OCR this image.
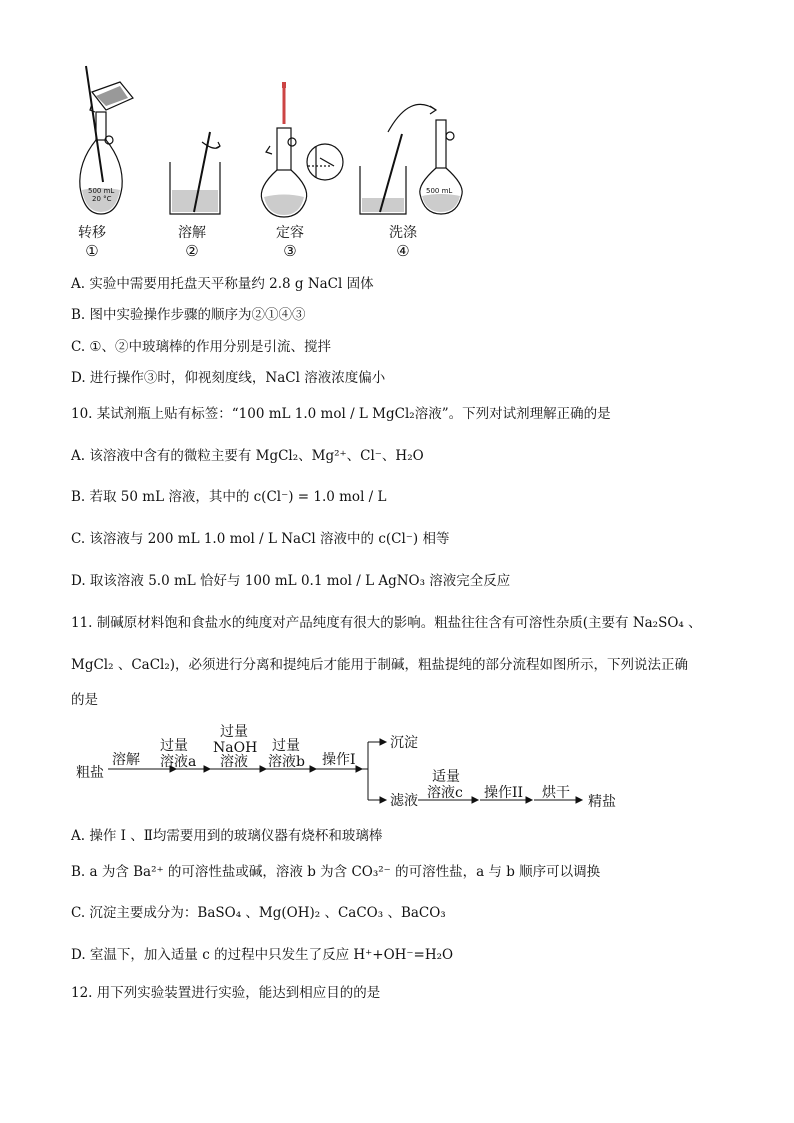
500 mL
20 °C
500 mL
转移	溶解	定容	洗涤
①	②	③	④
A. 实验中需要用托盘天平称量约 2.8 g NaCl 固体
B. 图中实验操作步骤的顺序为②①④③
C. ①、②中玻璃棒的作用分别是引流、搅拌
D. 进行操作③时，仰视刻度线，NaCl 溶液浓度偏小
10. 某试剂瓶上贴有标签：“100 mL 1.0 mol / L MgCl₂溶液”。下列对试剂理解正确的是
A. 该溶液中含有的微粒主要有 MgCl₂、Mg²⁺、Cl⁻、H₂O
B. 若取 50 mL 溶液，其中的 c(Cl⁻) = 1.0 mol / L
C. 该溶液与 200 mL 1.0 mol / L NaCl 溶液中的 c(Cl⁻) 相等
D. 取该溶液 5.0 mL 恰好与 100 mL 0.1 mol / L AgNO₃ 溶液完全反应
11. 制碱原材料饱和食盐水的纯度对产品纯度有很大的影响。粗盐往往含有可溶性杂质(主要有 Na₂SO₄ 、
MgCl₂ 、CaCl₂)，必须进行分离和提纯后才能用于制碱，粗盐提纯的部分流程如图所示，下列说法正确
的是
粗盐
溶解
过量
溶液a
过量
NaOH
溶液
过量
溶液b 操作I
沉淀
滤液
适量
溶液c 操作II 烘干
精盐
A. 操作 Ⅰ 、Ⅱ均需要用到的玻璃仪器有烧杯和玻璃棒
B. a 为含 Ba²⁺ 的可溶性盐或碱，溶液 b 为含 CO₃²⁻ 的可溶性盐，a 与 b 顺序可以调换
C. 沉淀主要成分为：BaSO₄ 、Mg(OH)₂ 、CaCO₃ 、BaCO₃
D. 室温下，加入适量 c 的过程中只发生了反应 H⁺+OH⁻=H₂O
12. 用下列实验装置进行实验，能达到相应目的的是
